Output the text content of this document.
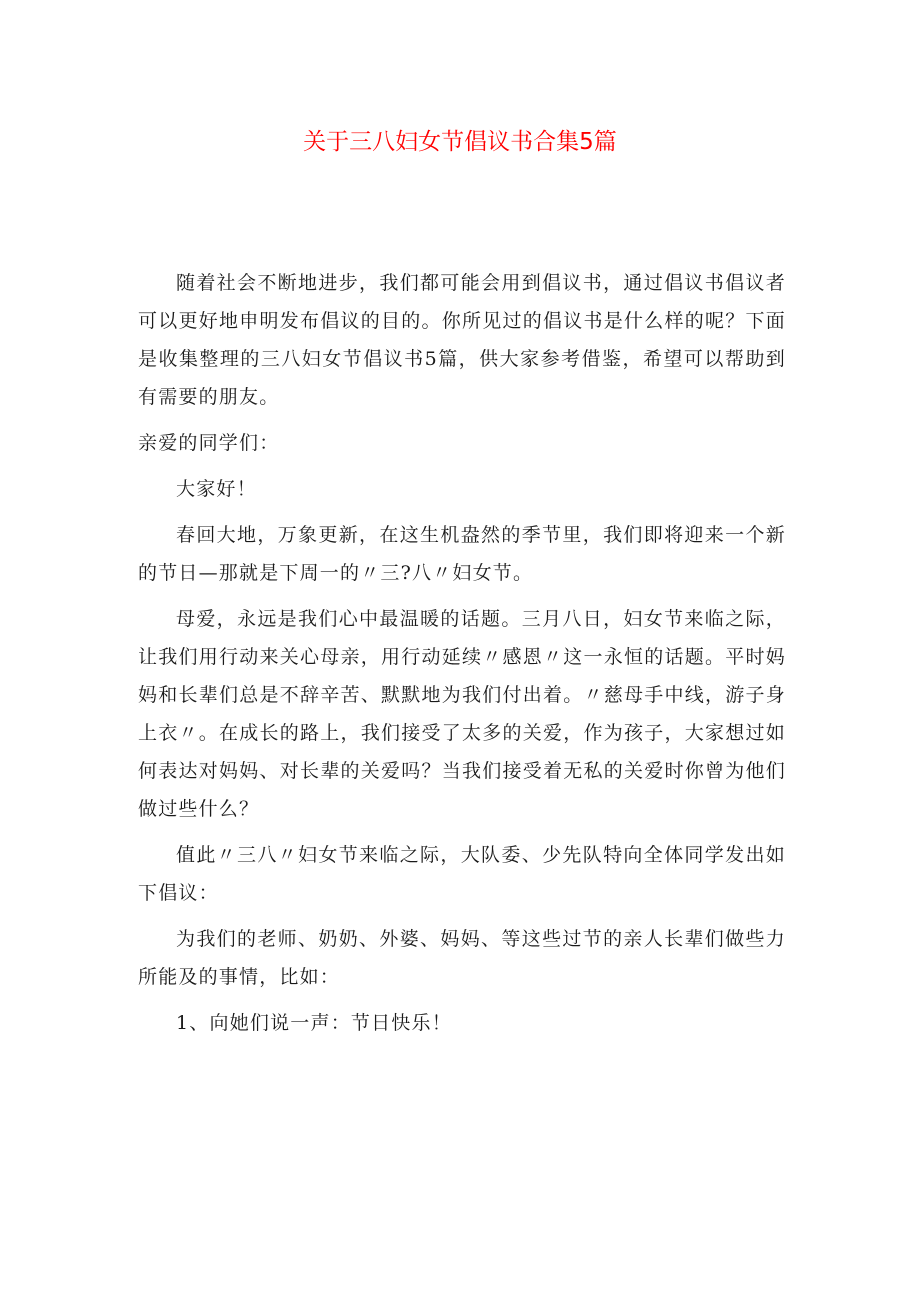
关于三八妇女节倡议书合集5篇

随着社会不断地进步，我们都可能会用到倡议书，通过倡议书倡议者可以更好地申明发布倡议的目的。你所见过的倡议书是什么样的呢？下面是收集整理的三八妇女节倡议书5篇，供大家参考借鉴，希望可以帮助到有需要的朋友。

亲爱的同学们：

大家好！

春回大地，万象更新，在这生机盎然的季节里，我们即将迎来一个新的节日—那就是下周一的〃三?八〃妇女节。

母爱，永远是我们心中最温暖的话题。三月八日，妇女节来临之际，让我们用行动来关心母亲，用行动延续〃感恩〃这一永恒的话题。平时妈妈和长辈们总是不辞辛苦、默默地为我们付出着。〃慈母手中线，游子身上衣〃。在成长的路上，我们接受了太多的关爱，作为孩子，大家想过如何表达对妈妈、对长辈的关爱吗？当我们接受着无私的关爱时你曾为他们做过些什么？

值此〃三八〃妇女节来临之际，大队委、少先队特向全体同学发出如下倡议：

为我们的老师、奶奶、外婆、妈妈、等这些过节的亲人长辈们做些力所能及的事情，比如：

1、向她们说一声：节日快乐！
